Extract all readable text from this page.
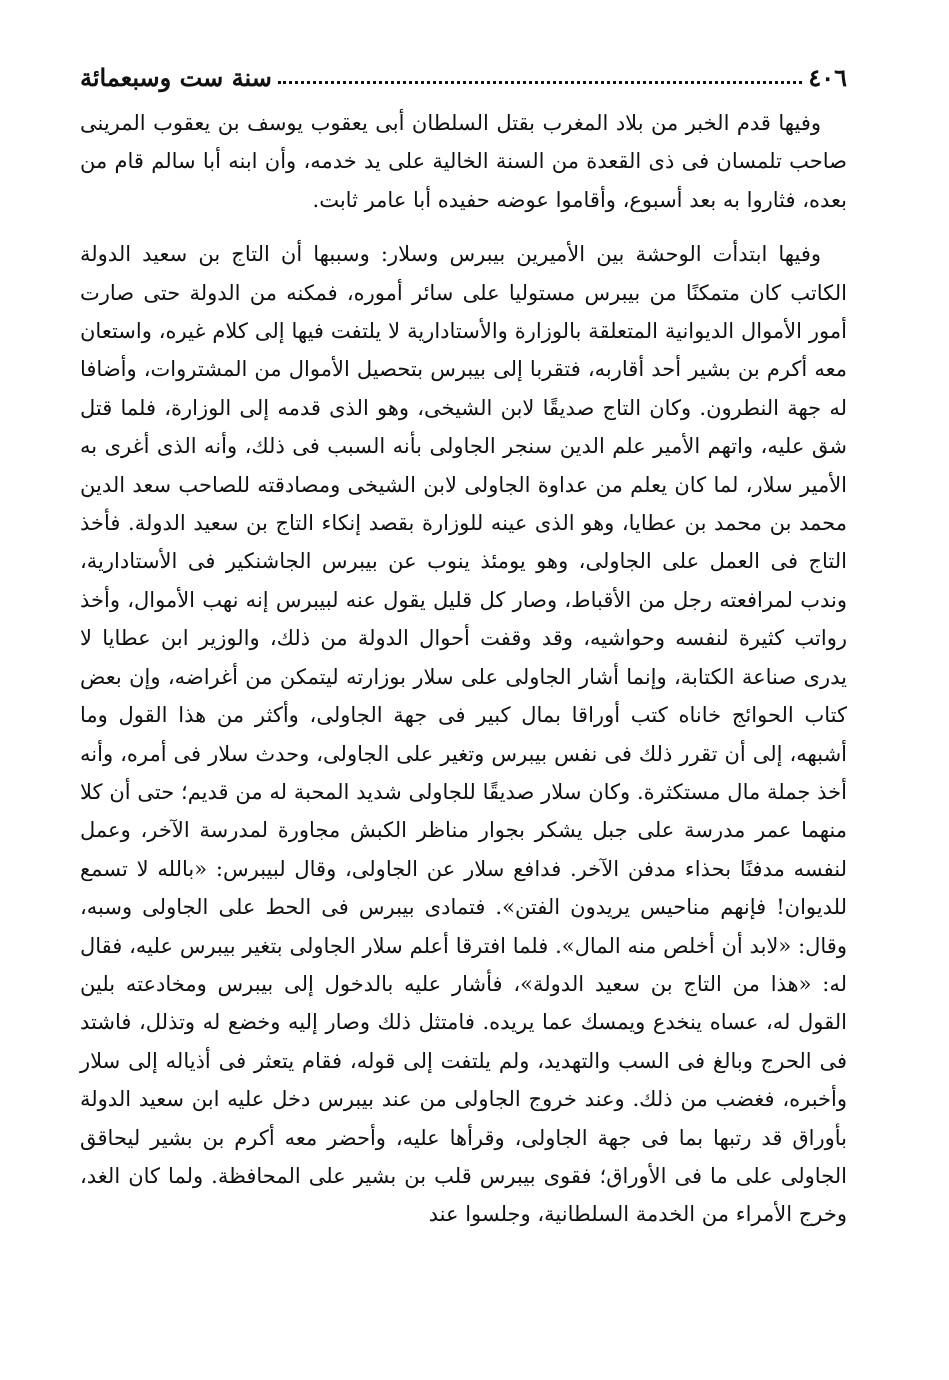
٤٠٦
سنة ست وسبعمائة

وفيها قدم الخبر من بلاد المغرب بقتل السلطان أبى يعقوب يوسف بن يعقوب المرينى صاحب تلمسان فى ذى القعدة من السنة الخالية على يد خدمه، وأن ابنه أبا سالم قام من بعده، فثاروا به بعد أسبوع، وأقاموا عوضه حفيده أبا عامر ثابت.

وفيها ابتدأت الوحشة بين الأميرين بيبرس وسلار: وسببها أن التاج بن سعيد الدولة الكاتب كان متمكنًا من بيبرس مستوليا على سائر أموره، فمكنه من الدولة حتى صارت أمور الأموال الديوانية المتعلقة بالوزارة والأستادارية لا يلتفت فيها إلى كلام غيره، واستعان معه أكرم بن بشير أحد أقاربه، فتقربا إلى بيبرس بتحصيل الأموال من المشتروات، وأضافا له جهة النطرون. وكان التاج صديقًا لابن الشيخى، وهو الذى قدمه إلى الوزارة، فلما قتل شق عليه، واتهم الأمير علم الدين سنجر الجاولى بأنه السبب فى ذلك، وأنه الذى أغرى به الأمير سلار، لما كان يعلم من عداوة الجاولى لابن الشيخى ومصادقته للصاحب سعد الدين محمد بن محمد بن عطايا، وهو الذى عينه للوزارة بقصد إنكاء التاج بن سعيد الدولة. فأخذ التاج فى العمل على الجاولى، وهو يومئذ ينوب عن بيبرس الجاشنكير فى الأستادارية، وندب لمرافعته رجل من الأقباط، وصار كل قليل يقول عنه لبيبرس إنه نهب الأموال، وأخذ رواتب كثيرة لنفسه وحواشيه، وقد وقفت أحوال الدولة من ذلك، والوزير ابن عطايا لا يدرى صناعة الكتابة، وإنما أشار الجاولى على سلار بوزارته ليتمكن من أغراضه، وإن بعض كتاب الحوائج خاناه كتب أوراقا بمال كبير فى جهة الجاولى، وأكثر من هذا القول وما أشبهه، إلى أن تقرر ذلك فى نفس بيبرس وتغير على الجاولى، وحدث سلار فى أمره، وأنه أخذ جملة مال مستكثرة. وكان سلار صديقًا للجاولى شديد المحبة له من قديم؛ حتى أن كلا منهما عمر مدرسة على جبل يشكر بجوار مناظر الكبش مجاورة لمدرسة الآخر، وعمل لنفسه مدفنًا بحذاء مدفن الآخر. فدافع سلار عن الجاولى، وقال لبيبرس: «بالله لا تسمع للديوان! فإنهم مناحيس يريدون الفتن». فتمادى بيبرس فى الحط على الجاولى وسبه، وقال: «لابد أن أخلص منه المال». فلما افترقا أعلم سلار الجاولى بتغير بيبرس عليه، فقال له: «هذا من التاج بن سعيد الدولة»، فأشار عليه بالدخول إلى بيبرس ومخادعته بلين القول له، عساه ينخدع ويمسك عما يريده. فامتثل ذلك وصار إليه وخضع له وتذلل، فاشتد فى الحرج وبالغ فى السب والتهديد، ولم يلتفت إلى قوله، فقام يتعثر فى أذياله إلى سلار وأخبره، فغضب من ذلك. وعند خروج الجاولى من عند بيبرس دخل عليه ابن سعيد الدولة بأوراق قد رتبها بما فى جهة الجاولى، وقرأها عليه، وأحضر معه أكرم بن بشير ليحاقق الجاولى على ما فى الأوراق؛ فقوى بيبرس قلب بن بشير على المحافظة. ولما كان الغد، وخرج الأمراء من الخدمة السلطانية، وجلسوا عند
